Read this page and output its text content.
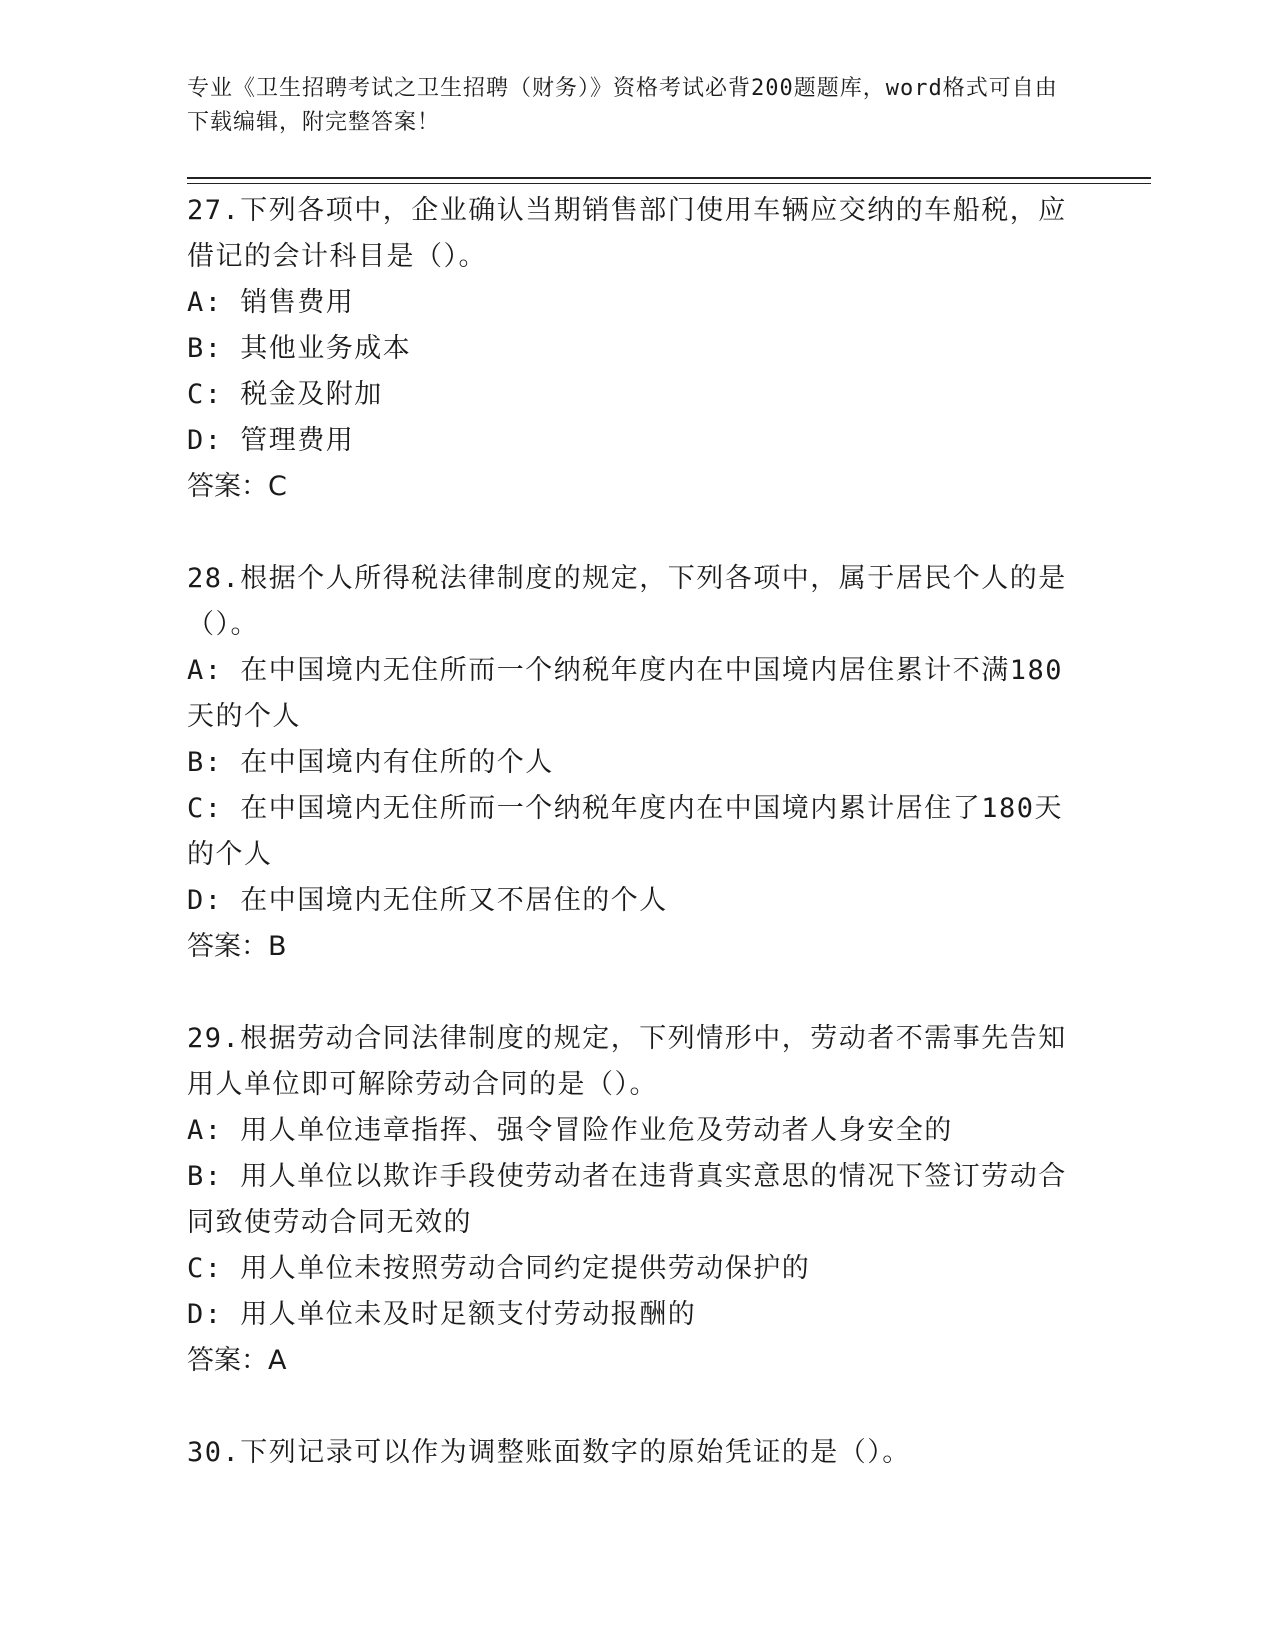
专业《卫生招聘考试之卫生招聘（财务）》资格考试必背200题题库，word格式可自由下载编辑，附完整答案！

27.下列各项中，企业确认当期销售部门使用车辆应交纳的车船税，应借记的会计科目是（）。

A: 销售费用

B: 其他业务成本

C: 税金及附加

D: 管理费用

答案：C

28.根据个人所得税法律制度的规定，下列各项中，属于居民个人的是（）。

A: 在中国境内无住所而一个纳税年度内在中国境内居住累计不满180天的个人

B: 在中国境内有住所的个人

C: 在中国境内无住所而一个纳税年度内在中国境内累计居住了180天的个人

D: 在中国境内无住所又不居住的个人

答案：B

29.根据劳动合同法律制度的规定，下列情形中，劳动者不需事先告知用人单位即可解除劳动合同的是（）。

A: 用人单位违章指挥、强令冒险作业危及劳动者人身安全的

B: 用人单位以欺诈手段使劳动者在违背真实意思的情况下签订劳动合同致使劳动合同无效的

C: 用人单位未按照劳动合同约定提供劳动保护的

D: 用人单位未及时足额支付劳动报酬的

答案：A

30.下列记录可以作为调整账面数字的原始凭证的是（）。
